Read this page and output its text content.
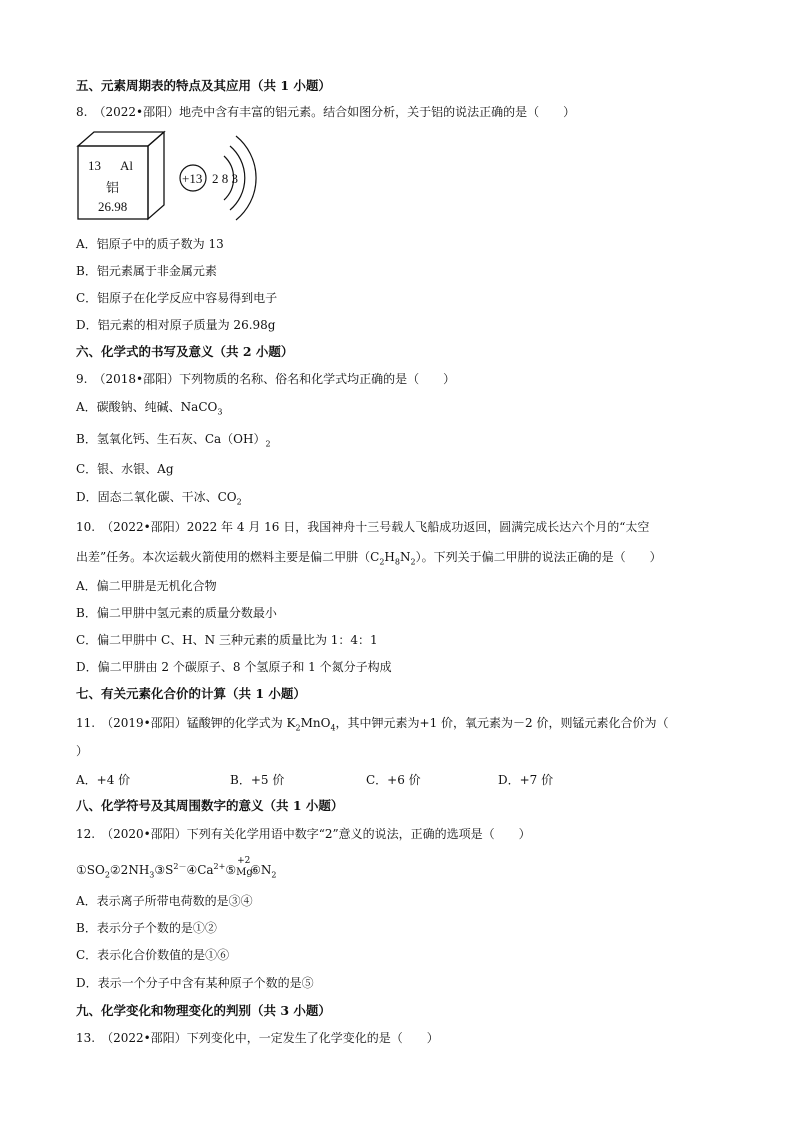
五、元素周期表的特点及其应用（共 1 小题）
8.　（2022•邵阳）地壳中含有丰富的铝元素。结合如图分析，关于铝的说法正确的是（　　）
13 Al
铝
26.98
+13 2 8 3
A．铝原子中的质子数为 13
B．铝元素属于非金属元素
C．铝原子在化学反应中容易得到电子
D．铝元素的相对原子质量为 26.98g
六、化学式的书写及意义（共 2 小题）
9.　（2018•邵阳）下列物质的名称、俗名和化学式均正确的是（　　）
A．碳酸钠、纯碱、NaCO$_3$
B．氢氧化钙、生石灰、$Ca(OH)_2$
C．银、水银、Ag
D．固态二氧化碳、干冰、$CO_2$
10.　（2022•邵阳）2022 年 4 月 16 日，我国神舟十三号载人飞船成功返回，圆满完成长达六个月的“太空
出差”任务。本次运载火箭使用的燃料主要是偏二甲肼$(C_2H_8N_2)$。下列关于偏二甲肼的说法正确的是（　　）
A．偏二甲肼是无机化合物
B．偏二甲肼中氢元素的质量分数最小
C．偏二甲肼中 C、H、N 三种元素的质量比为 1：4：1
D．偏二甲肼由 2 个碳原子、8 个氢原子和 1 个氮分子构成
七、有关元素化合价的计算（共 1 小题）
11.　（2019•邵阳）锰酸钾的化学式为 $K_2MnO_4$，其中钾元素为+1 价，氧元素为－2 价，则锰元素化合价为（
）
A．+4 价	B．+5 价	C．+6 价	D．+7 价
八、化学符号及其周围数字的意义（共 1 小题）
12.　（2020•邵阳）下列有关化学用语中数字“2”意义的说法，正确的选项是（　　）
$①SO_2②2NH_3③S^{2-}④Ca^{2+}⑤$
+2
Mg
$⑥N_2$
A．表示离子所带电荷数的是③④
B．表示分子个数的是①②
C．表示化合价数值的是①⑥
D．表示一个分子中含有某种原子个数的是⑤
九、化学变化和物理变化的判别（共 3 小题）
13.　（2022•邵阳）下列变化中，一定发生了化学变化的是（　　）
